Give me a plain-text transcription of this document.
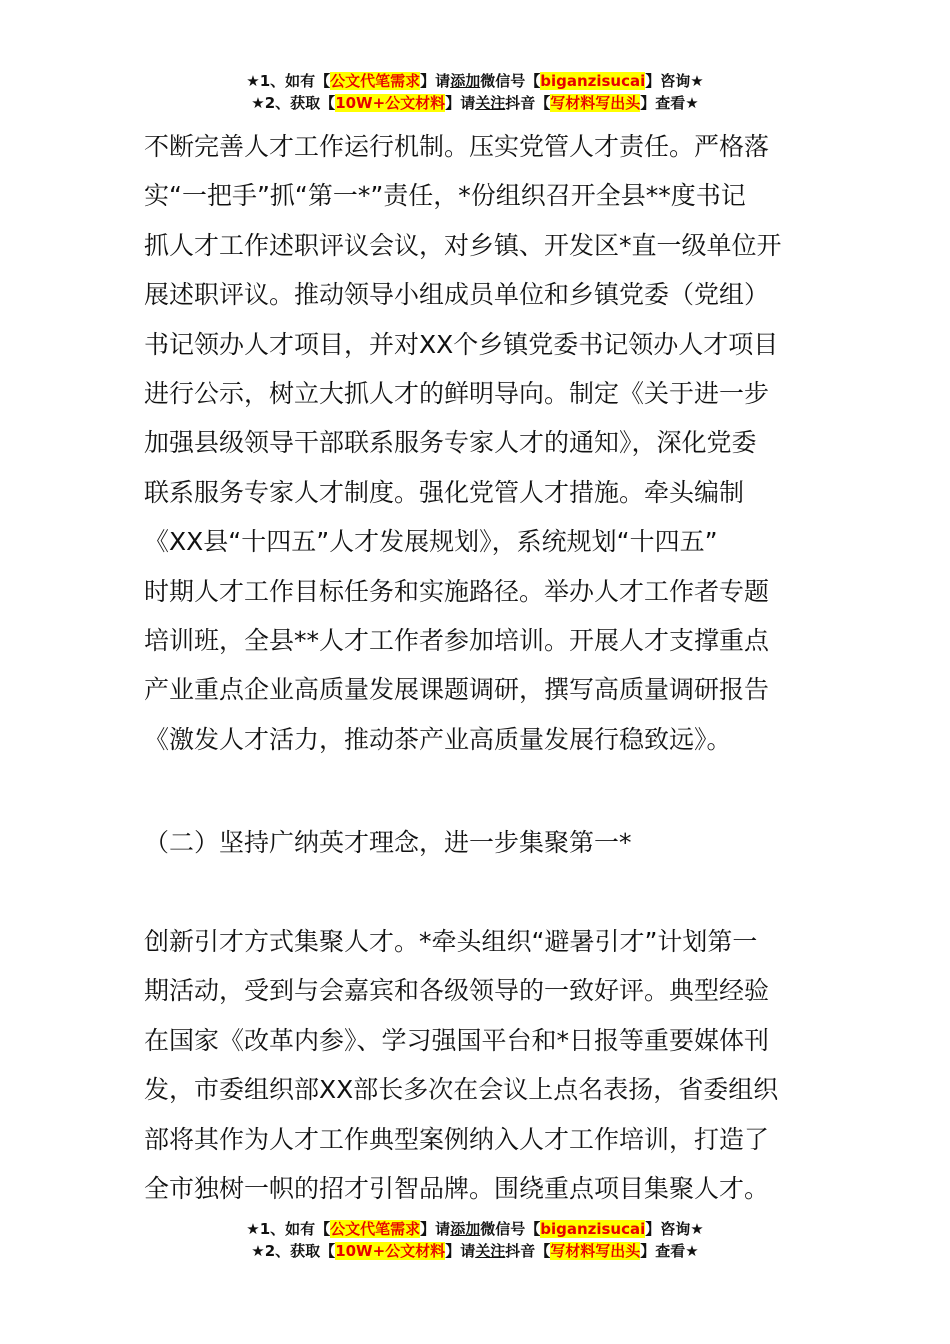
★1、如有【公文代笔需求】请添加微信号【biganzisucai】咨询★
★2、获取【10W+公文材料】请关注抖音【写材料写出头】查看★
不断完善人才工作运行机制。压实党管人才责任。严格落
实“一把手”抓“第一*”责任，*份组织召开全县**度书记
抓人才工作述职评议会议，对乡镇、开发区*直一级单位开
展述职评议。推动领导小组成员单位和乡镇党委（党组）
书记领办人才项目，并对XX个乡镇党委书记领办人才项目
进行公示，树立大抓人才的鲜明导向。制定《关于进一步
加强县级领导干部联系服务专家人才的通知》，深化党委
联系服务专家人才制度。强化党管人才措施。牵头编制
《XX县“十四五”人才发展规划》，系统规划“十四五”
时期人才工作目标任务和实施路径。举办人才工作者专题
培训班，全县**人才工作者参加培训。开展人才支撑重点
产业重点企业高质量发展课题调研，撰写高质量调研报告
《激发人才活力，推动茶产业高质量发展行稳致远》。
（二）坚持广纳英才理念，进一步集聚第一*
创新引才方式集聚人才。*牵头组织“避暑引才”计划第一
期活动，受到与会嘉宾和各级领导的一致好评。典型经验
在国家《改革内参》、学习强国平台和*日报等重要媒体刊
发，市委组织部XX部长多次在会议上点名表扬，省委组织
部将其作为人才工作典型案例纳入人才工作培训，打造了
全市独树一帜的招才引智品牌。围绕重点项目集聚人才。
★1、如有【公文代笔需求】请添加微信号【biganzisucai】咨询★
★2、获取【10W+公文材料】请关注抖音【写材料写出头】查看★
